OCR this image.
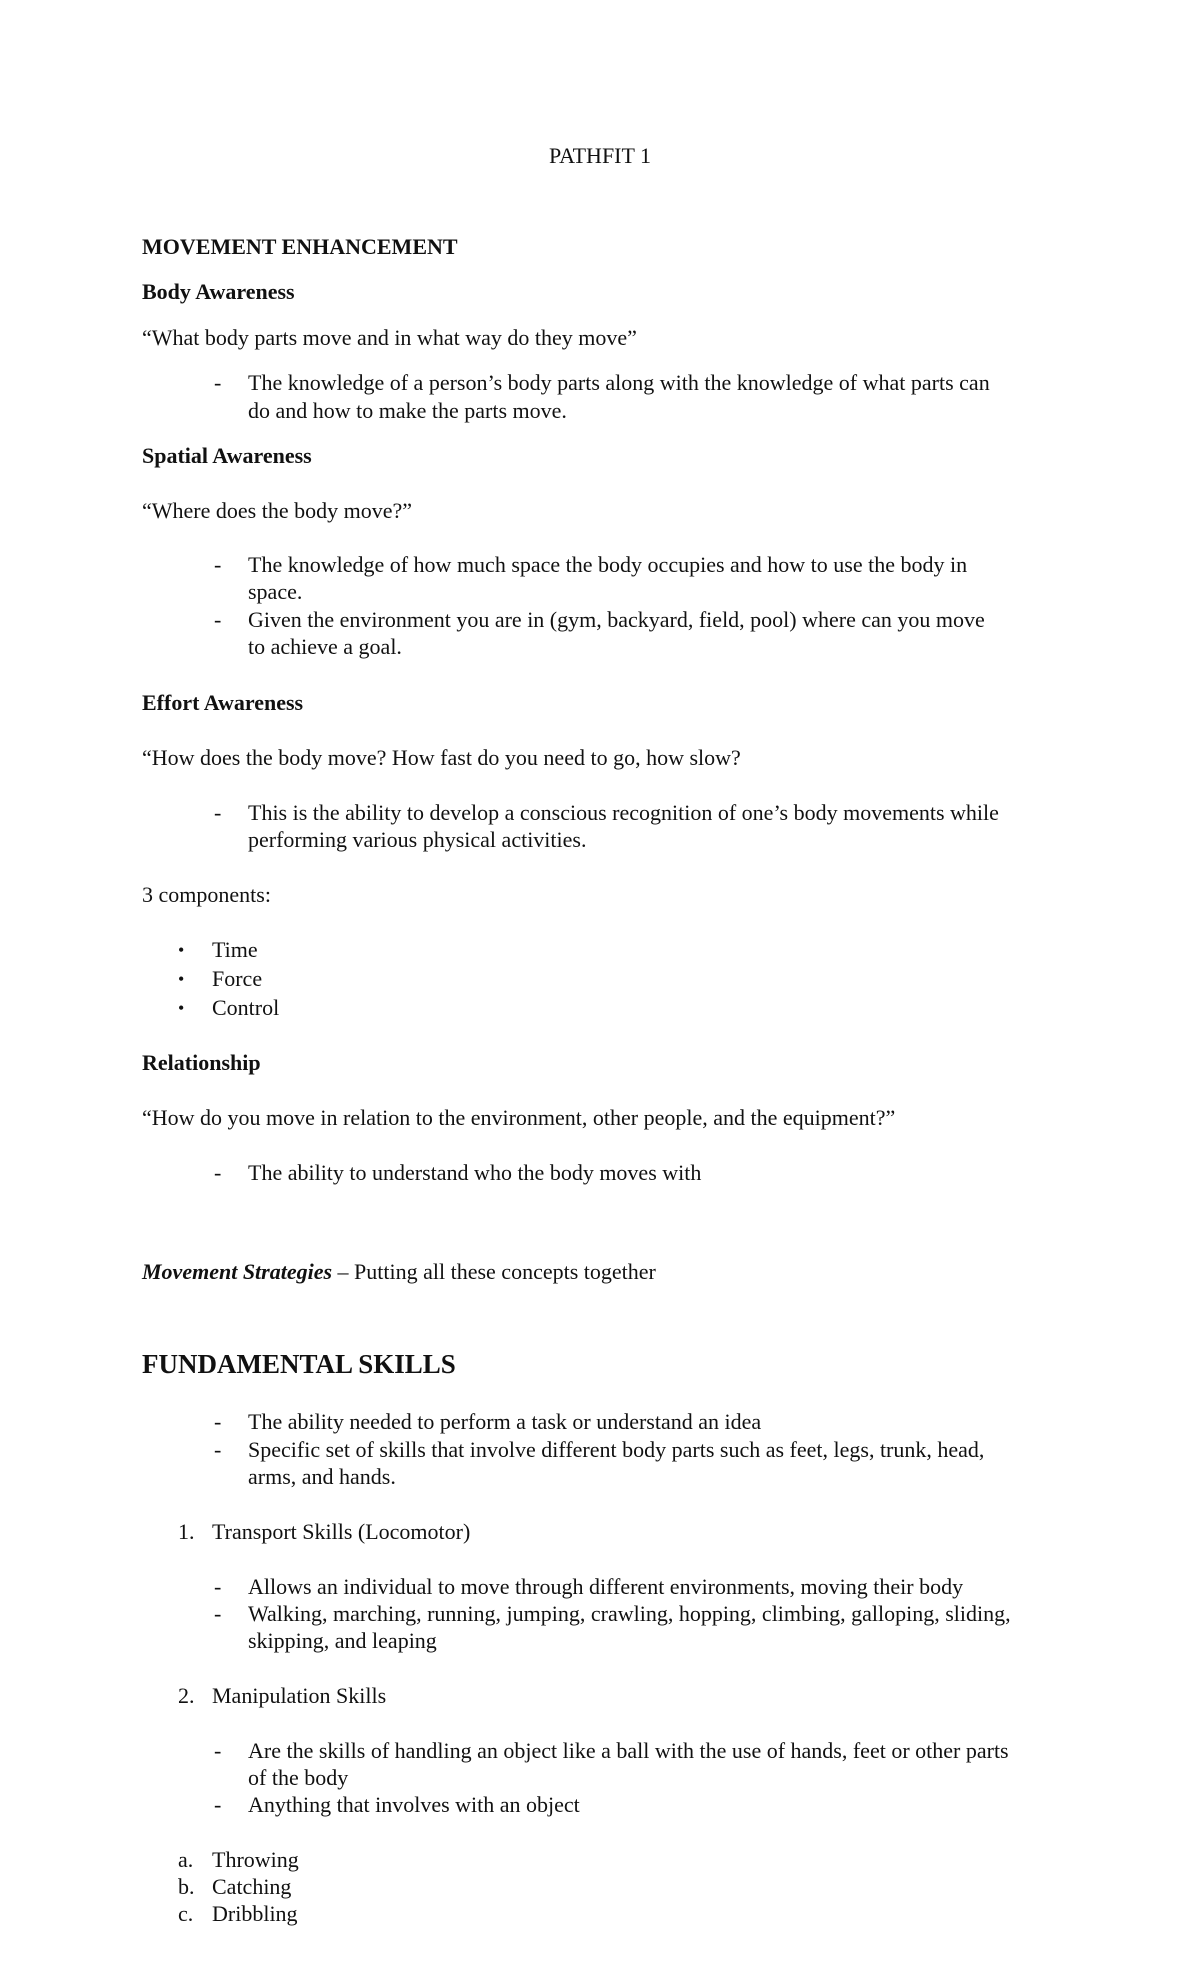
PATHFIT 1
MOVEMENT ENHANCEMENT
Body Awareness
“What body parts move and in what way do they move”
-	The knowledge of a person’s body parts along with the knowledge of what parts can
do and how to make the parts move.
Spatial Awareness
“Where does the body move?”
-	The knowledge of how much space the body occupies and how to use the body in
space.
-	Given the environment you are in (gym, backyard, field, pool) where can you move
to achieve a goal.
Effort Awareness
“How does the body move? How fast do you need to go, how slow?
-	This is the ability to develop a conscious recognition of one’s body movements while
performing various physical activities.
3 components:
• Time
• Force
• Control
Relationship
“How do you move in relation to the environment, other people, and the equipment?”
-	The ability to understand who the body moves with
Movement Strategies – Putting all these concepts together
FUNDAMENTAL SKILLS
-	The ability needed to perform a task or understand an idea
-	Specific set of skills that involve different body parts such as feet, legs, trunk, head,
arms, and hands.
1. Transport Skills (Locomotor)
-	Allows an individual to move through different environments, moving their body
-	Walking, marching, running, jumping, crawling, hopping, climbing, galloping, sliding,
skipping, and leaping
2. Manipulation Skills
-	Are the skills of handling an object like a ball with the use of hands, feet or other parts
of the body
-	Anything that involves with an object
a. Throwing
b. Catching
c. Dribbling
